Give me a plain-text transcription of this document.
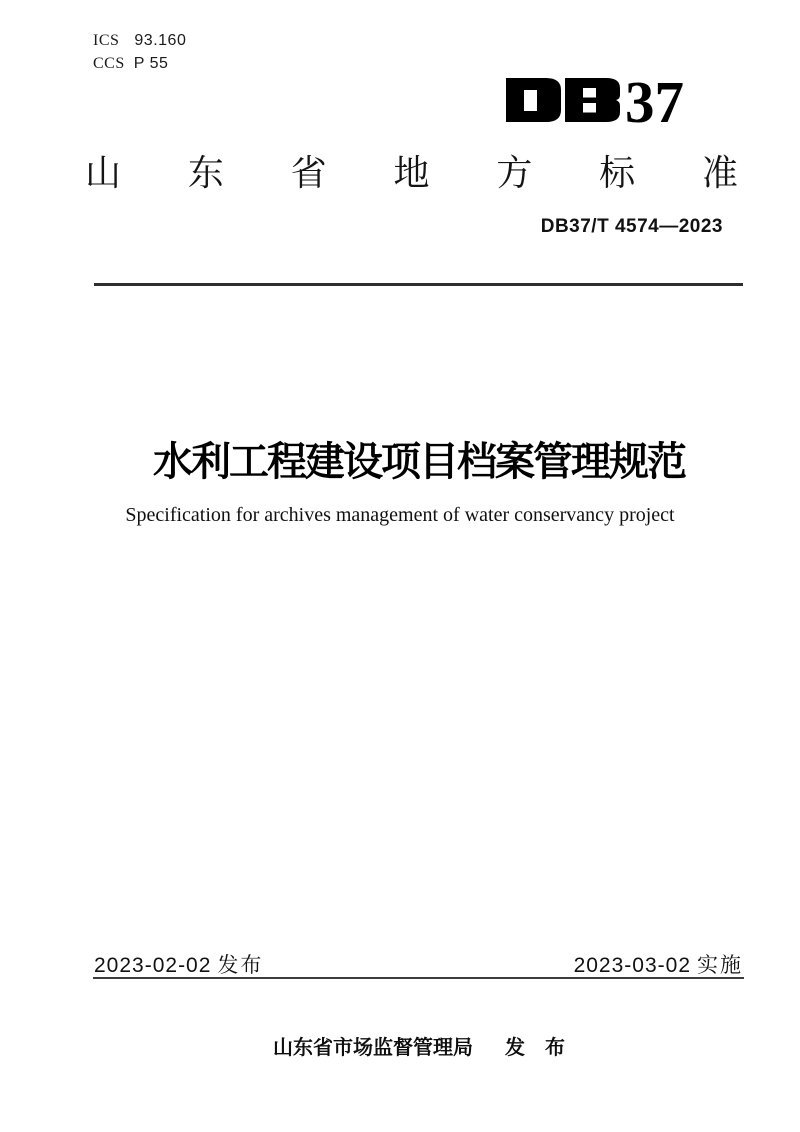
ICS 93.160
CCS P 55
37
山 东 省 地 方 标 准
DB37/T 4574—2023
水利工程建设项目档案管理规范
Specification for archives management of water conservancy project
2023-02-02 发布	2023-03-02 实施
山东省市场监督管理局 发　布
